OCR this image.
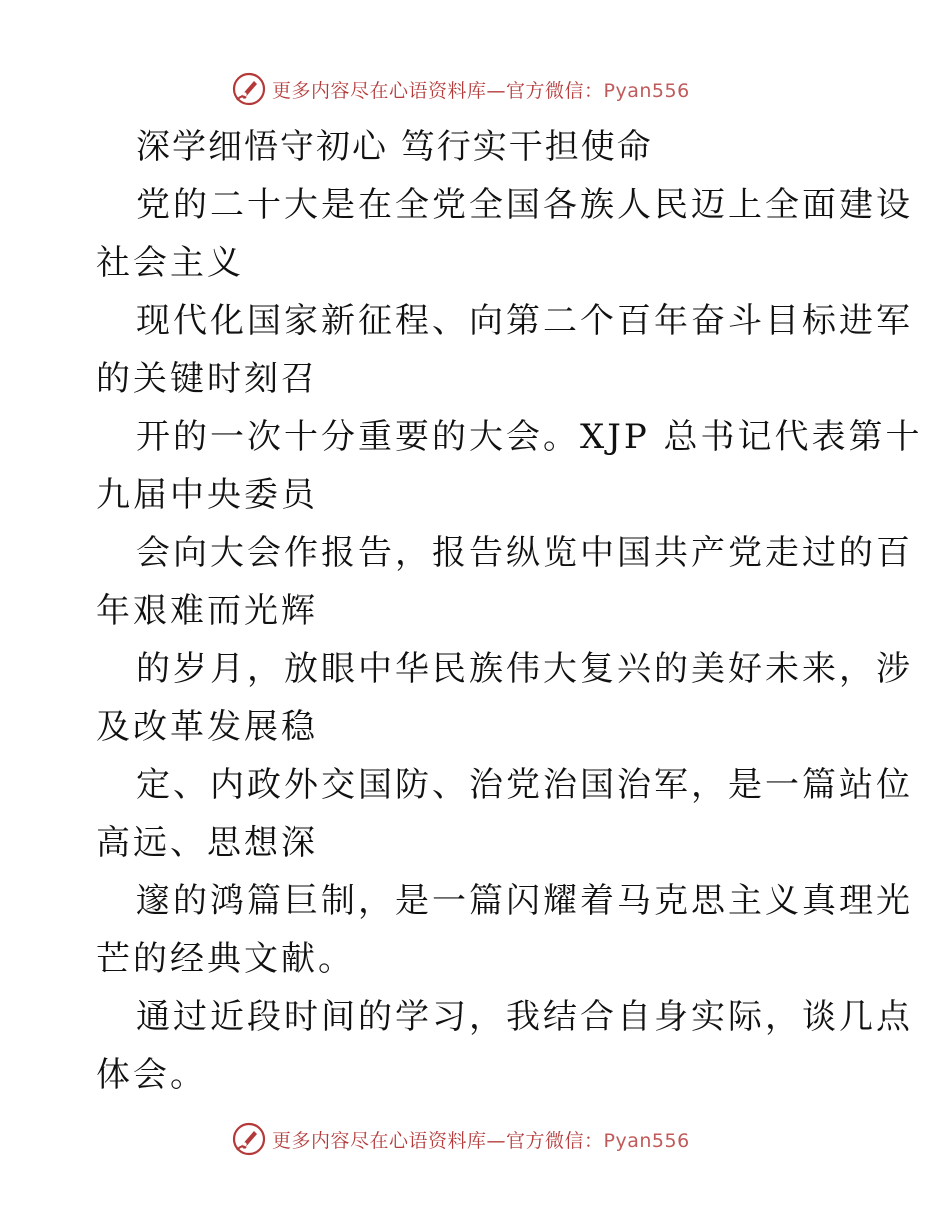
更多内容尽在心语资料库—官方微信：Pyan556
深学细悟守初心 笃行实干担使命
党的二十大是在全党全国各族人民迈上全面建设
社会主义
现代化国家新征程、向第二个百年奋斗目标进军
的关键时刻召
开的一次十分重要的大会。XJP 总书记代表第十
九届中央委员
会向大会作报告，报告纵览中国共产党走过的百
年艰难而光辉
的岁月，放眼中华民族伟大复兴的美好未来，涉
及改革发展稳
定、内政外交国防、治党治国治军，是一篇站位
高远、思想深
邃的鸿篇巨制，是一篇闪耀着马克思主义真理光
芒的经典文献。
通过近段时间的学习，我结合自身实际，谈几点
体会。
更多内容尽在心语资料库—官方微信：Pyan556
